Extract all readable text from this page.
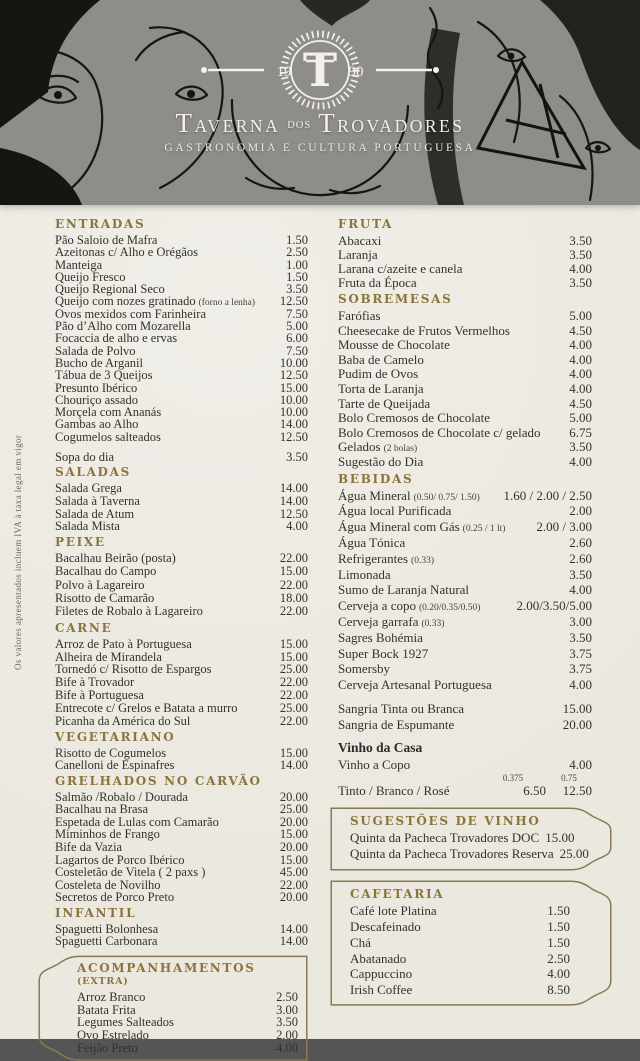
19 T 90
TAVERNA DOS TROVADORES
GASTRONOMIA E CULTURA PORTUGUESA
Os valores apresentados incluem IVA à taxa legal em vigor
ENTRADAS
Pão Saloio de Mafra	1.50
Azeitonas c/ Alho e Orégãos	2.50
Manteiga	1.00
Queijo Fresco	1.50
Queijo Regional Seco	3.50
Queijo com nozes gratinado (forno a lenha) 12.50
Ovos mexidos com Farinheira	7.50
Pão d’Alho com Mozarella	5.00
Focaccia de alho e ervas	6.00
Salada de Polvo	7.50
Bucho de Arganil	10.00
Tábua de 3 Queijos	12.50
Presunto Ibérico	15.00
Chouriço assado	10.00
Morçela com Ananás	10.00
Gambas ao Alho	14.00
Cogumelos salteados	12.50
Sopa do dia	3.50
SALADAS
Salada Grega	14.00
Salada à Taverna	14.00
Salada de Atum	12.50
Salada Mista	4.00
PEIXE
Bacalhau Beirão (posta)	22.00
Bacalhau do Campo	15.00
Polvo à Lagareiro	22.00
Risotto de Camarão	18.00
Filetes de Robalo à Lagareiro	22.00
CARNE
Arroz de Pato à Portuguesa	15.00
Alheira de Mirandela	15.00
Tornedó c/ Risotto de Espargos	25.00
Bife à Trovador	22.00
Bife à Portuguesa	22.00
Entrecote c/ Grelos e Batata a murro	25.00
Picanha da América do Sul	22.00
VEGETARIANO
Risotto de Cogumelos	15.00
Canelloni de Espinafres	14.00
GRELHADOS NO CARVÃO
Salmão /Robalo / Dourada	20.00
Bacalhau na Brasa	25.00
Espetada de Lulas com Camarão	20.00
Miminhos de Frango	15.00
Bife da Vazia	20.00
Lagartos de Porco Ibérico	15.00
Costeletão de Vitela ( 2 paxs )	45.00
Costeleta de Novilho	22.00
Secretos de Porco Preto	20.00
INFANTIL
Spaguetti Bolonhesa	14.00
Spaguetti Carbonara	14.00
ACOMPANHAMENTOS (EXTRA)
Arroz Branco	2.50
Batata Frita	3.00
Legumes Salteados	3.50
Ovo Estrelado	2.00
Feijão Preto	4.00
FRUTA
Abacaxi	3.50
Laranja	3.50
Larana c/azeite e canela	4.00
Fruta da Época	3.50
SOBREMESAS
Farófias	5.00
Cheesecake de Frutos Vermelhos	4.50
Mousse de Chocolate	4.00
Baba de Camelo	4.00
Pudim de Ovos	4.00
Torta de Laranja	4.00
Tarte de Queijada	4.50
Bolo Cremosos de Chocolate	5.00
Bolo Cremosos de Chocolate c/ gelado 6.75
Gelados (2 bolas)	3.50
Sugestão do Dia	4.00
BEBIDAS
Água Mineral (0.50/ 0.75/ 1.50) 1.60 / 2.00 / 2.50
Água local Purificada	2.00
Água Mineral com Gás (0.25 / 1 lt) 2.00 / 3.00
Água Tónica	2.60
Refrigerantes (0.33)	2.60
Limonada	3.50
Sumo de Laranja Natural	4.00
Cerveja a copo (0.20/0.35/0.50)	2.00/3.50/5.00
Cerveja garrafa (0.33)	3.00
Sagres Bohémia	3.50
Super Bock 1927	3.75
Somersby	3.75
Cerveja Artesanal Portuguesa	4.00
Sangria Tinta ou Branca	15.00
Sangria de Espumante	20.00
Vinho da Casa
Vinho a Copo	4.00
0.375	0.75
Tinto / Branco / Rosé	6.50	12.50
SUGESTÕES DE VINHO
Quinta da Pacheca Trovadores DOC 15.00
Quinta da Pacheca Trovadores Reserva 25.00
CAFETARIA
Café lote Platina	1.50
Descafeinado	1.50
Chá	1.50
Abatanado	2.50
Cappuccino	4.00
Irish Coffee	8.50
